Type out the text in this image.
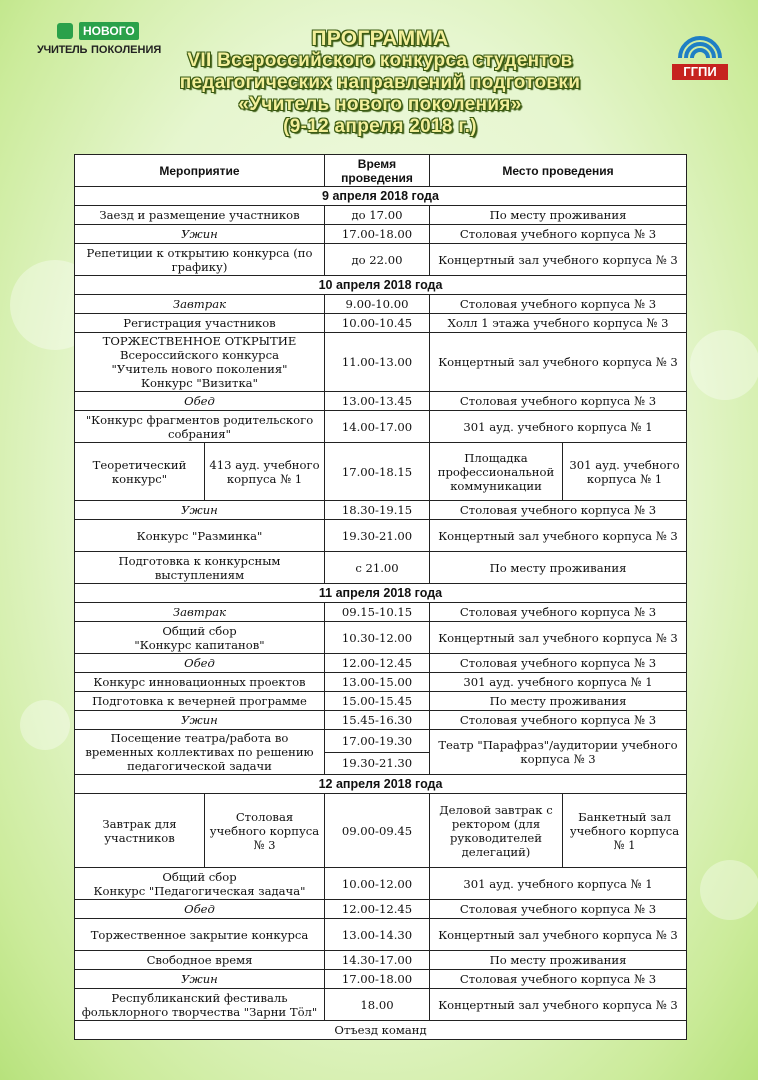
НОВОГО
УЧИТЕЛЬ ПОКОЛЕНИЯ	ПРОГРАММА
VII Всероссийского конкурса студентов
педагогических направлений подготовки
«Учитель нового поколения»
(9-12 апреля 2018 г.)
ГГПИ
Мероприятие		Время проведения	Место проведения	
9 апреля 2018 года				
Заезд и размещение участников		до 17.00	По месту проживания	
Ужин		17.00-18.00	Столовая учебного корпуса № 3	
Репетиции к открытию конкурса (по графику)		до 22.00	Концертный зал учебного корпуса № 3	
10 апреля 2018 года				
Завтрак		9.00-10.00	Столовая учебного корпуса № 3	
Регистрация участников		10.00-10.45	Холл 1 этажа учебного корпуса № 3	

ТОРЖЕСТВЕННОЕ ОТКРЫТИЕ
Всероссийского конкурса
"Учитель нового поколения"
Конкурс "Визитка"		11.00-13.00	Концертный зал учебного корпуса № 3	
Обед		13.00-13.45	Столовая учебного корпуса № 3	
"Конкурс фрагментов родительского собрания"		14.00-17.00	301 ауд. учебного корпуса № 1	
Теоретический конкурс"	413 ауд. учебного корпуса № 1	17.00-18.15	Площадка профессиональной коммуникации	301 ауд. учебного корпуса № 1
Ужин		18.30-19.15	Столовая учебного корпуса № 3	
Конкурс "Разминка"		19.30-21.00	Концертный зал учебного корпуса № 3	
Подготовка к конкурсным выступлениям		с 21.00	По месту проживания	
11 апреля 2018 года				
Завтрак		09.15-10.15	Столовая учебного корпуса № 3	

Общий сбор
"Конкурс капитанов"		10.30-12.00	Концертный зал учебного корпуса № 3	
Обед		12.00-12.45	Столовая учебного корпуса № 3	
Конкурс инновационных проектов		13.00-15.00	301 ауд. учебного корпуса № 1	
Подготовка к вечерней программе		15.00-15.45	По месту проживания	
Ужин		15.45-16.30	Столовая учебного корпуса № 3	
Посещение театра/работа во временных коллективах по решению педагогической задачи		17.00-19.30	Театр "Парафраз"/аудитории учебного корпуса № 3	
		19.30-21.30		
12 апреля 2018 года				
Завтрак для участников	Столовая учебного корпуса № 3	09.00-09.45	Деловой завтрак с ректором (для руководителей делегаций)	Банкетный зал учебного корпуса № 1

Общий сбор
Конкурс "Педагогическая задача"		10.00-12.00	301 ауд. учебного корпуса № 1	
Обед		12.00-12.45	Столовая учебного корпуса № 3	
Торжественное закрытие конкурса		13.00-14.30	Концертный зал учебного корпуса № 3	
Свободное время		14.30-17.00	По месту проживания	
Ужин		17.00-18.00	Столовая учебного корпуса № 3	
Республиканский фестиваль фольклорного творчества "Зарни Тӧл"		18.00	Концертный зал учебного корпуса № 3	
Отъезд команд				
